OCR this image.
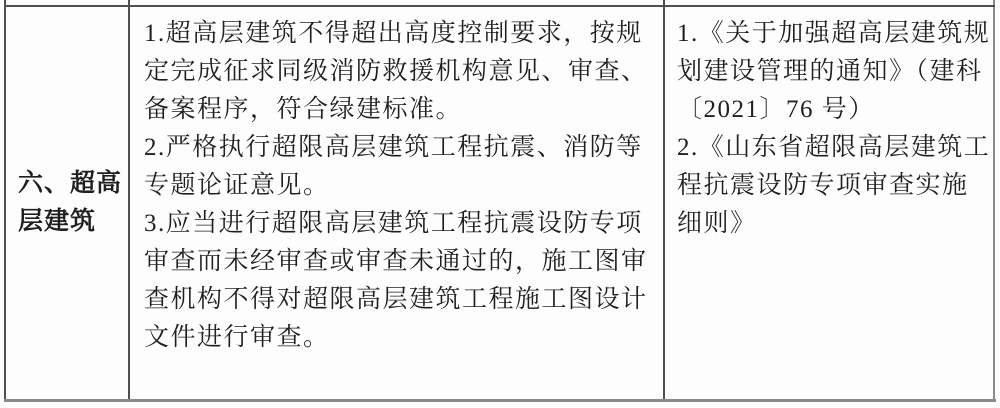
六、超高
层建筑
1.超高层建筑不得超出高度控制要求，按规
定完成征求同级消防救援机构意见、审查、
备案程序，符合绿建标准。
2.严格执行超限高层建筑工程抗震、消防等
专题论证意见。
3.应当进行超限高层建筑工程抗震设防专项
审查而未经审查或审查未通过的，施工图审
查机构不得对超限高层建筑工程施工图设计
文件进行审查。
1.《关于加强超高层建筑规
划建设管理的通知》（建科
〔2021〕76 号）
2.《山东省超限高层建筑工
程抗震设防专项审查实施
细则》
